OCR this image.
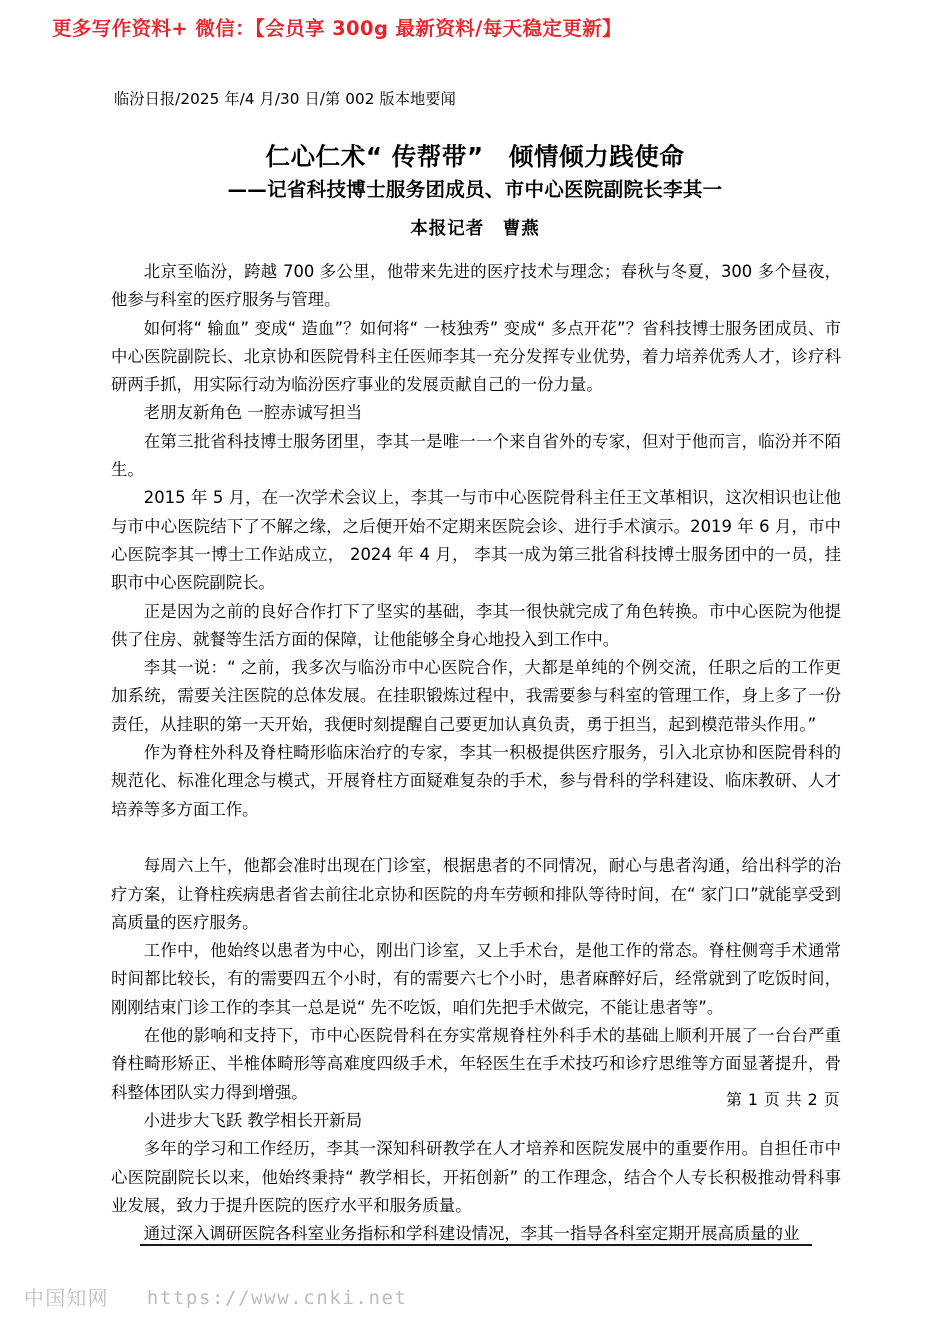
更多写作资料+ 微信：【会员享 300g 最新资料/每天稳定更新】
临汾日报/2025 年/4 月/30 日/第 002 版本地要闻
仁心仁术“ 传帮带”　倾情倾力践使命
——记省科技博士服务团成员、市中心医院副院长李其一
本报记者　曹燕

北京至临汾，跨越 700 多公里，他带来先进的医疗技术与理念；春秋与冬夏，300 多个昼夜，他参与科室的医疗服务与管理。

如何将“ 输血” 变成“ 造血”？如何将“ 一枝独秀” 变成“ 多点开花”？省科技博士服务团成员、市中心医院副院长、北京协和医院骨科主任医师李其一充分发挥专业优势，着力培养优秀人才，诊疗科研两手抓，用实际行动为临汾医疗事业的发展贡献自己的一份力量。

老朋友新角色 一腔赤诚写担当

在第三批省科技博士服务团里，李其一是唯一一个来自省外的专家，但对于他而言，临汾并不陌生。

2015 年 5 月，在一次学术会议上，李其一与市中心医院骨科主任王文革相识，这次相识也让他与市中心医院结下了不解之缘，之后便开始不定期来医院会诊、进行手术演示。2019 年 6 月，市中心医院李其一博士工作站成立， 2024 年 4 月， 李其一成为第三批省科技博士服务团中的一员，挂职市中心医院副院长。

正是因为之前的良好合作打下了坚实的基础，李其一很快就完成了角色转换。市中心医院为他提供了住房、就餐等生活方面的保障，让他能够全身心地投入到工作中。

李其一说：“ 之前，我多次与临汾市中心医院合作，大都是单纯的个例交流，任职之后的工作更加系统，需要关注医院的总体发展。在挂职锻炼过程中，我需要参与科室的管理工作，身上多了一份责任，从挂职的第一天开始，我便时刻提醒自己要更加认真负责，勇于担当，起到模范带头作用。”

作为脊柱外科及脊柱畸形临床治疗的专家，李其一积极提供医疗服务，引入北京协和医院骨科的规范化、标准化理念与模式，开展脊柱方面疑难复杂的手术，参与骨科的学科建设、临床教研、人才培养等多方面工作。

每周六上午，他都会准时出现在门诊室，根据患者的不同情况，耐心与患者沟通，给出科学的治疗方案，让脊柱疾病患者省去前往北京协和医院的舟车劳顿和排队等待时间，在“ 家门口”就能享受到高质量的医疗服务。

工作中，他始终以患者为中心，刚出门诊室，又上手术台，是他工作的常态。脊柱侧弯手术通常时间都比较长，有的需要四五个小时，有的需要六七个小时，患者麻醉好后，经常就到了吃饭时间，刚刚结束门诊工作的李其一总是说“ 先不吃饭，咱们先把手术做完，不能让患者等”。

在他的影响和支持下，市中心医院骨科在夯实常规脊柱外科手术的基础上顺利开展了一台台严重脊柱畸形矫正、半椎体畸形等高难度四级手术，年轻医生在手术技巧和诊疗思维等方面显著提升，骨科整体团队实力得到增强。

小进步大飞跃 教学相长开新局

多年的学习和工作经历，李其一深知科研教学在人才培养和医院发展中的重要作用。自担任市中心医院副院长以来，他始终秉持“ 教学相长，开拓创新” 的工作理念，结合个人专长积极推动骨科事业发展，致力于提升医院的医疗水平和服务质量。

通过深入调研医院各科室业务指标和学科建设情况，李其一指导各科室定期开展高质量的业

第 1 页 共 2 页
中国知网 https://www.cnki.net
